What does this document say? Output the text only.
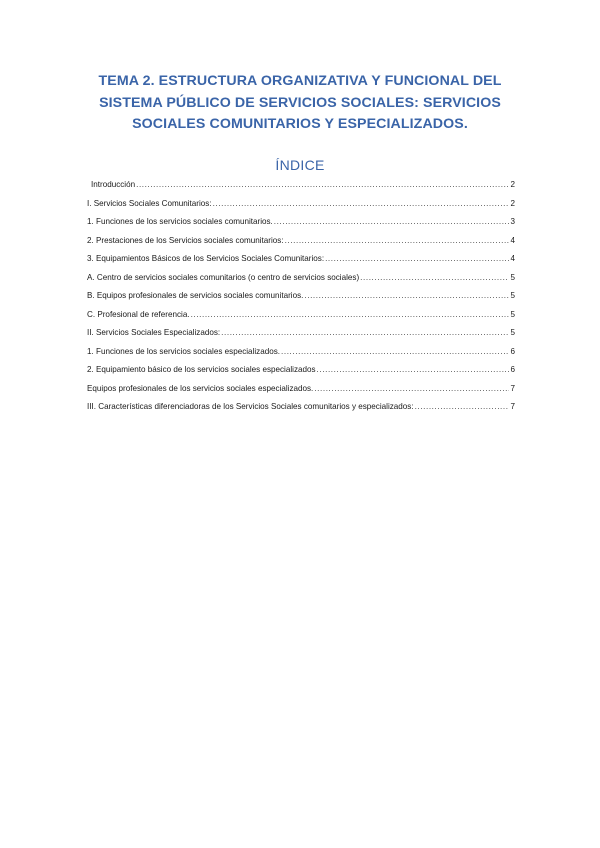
TEMA 2. ESTRUCTURA ORGANIZATIVA Y FUNCIONAL DEL
SISTEMA PÚBLICO DE SERVICIOS SOCIALES: SERVICIOS
SOCIALES COMUNITARIOS Y ESPECIALIZADOS.
ÍNDICE
Introducción .....	2
I. Servicios Sociales Comunitarios: .....	2
1. Funciones de los servicios sociales comunitarios. .....	3
2. Prestaciones de los Servicios sociales comunitarios: .....	4
3. Equipamientos Básicos de los Servicios Sociales Comunitarios: .....	4
A. Centro de servicios sociales comunitarios (o centro de servicios sociales) .....	5
B. Equipos profesionales de servicios sociales comunitarios. .....	5
C. Profesional de referencia. .....	5
II. Servicios Sociales Especializados: .....	5
1. Funciones de los servicios sociales especializados. .....	6
2. Equipamiento básico de los servicios sociales especializados .....	6
Equipos profesionales de los servicios sociales especializados. .....	7
III. Características diferenciadoras de los Servicios Sociales comunitarios y especializados: .....	7
